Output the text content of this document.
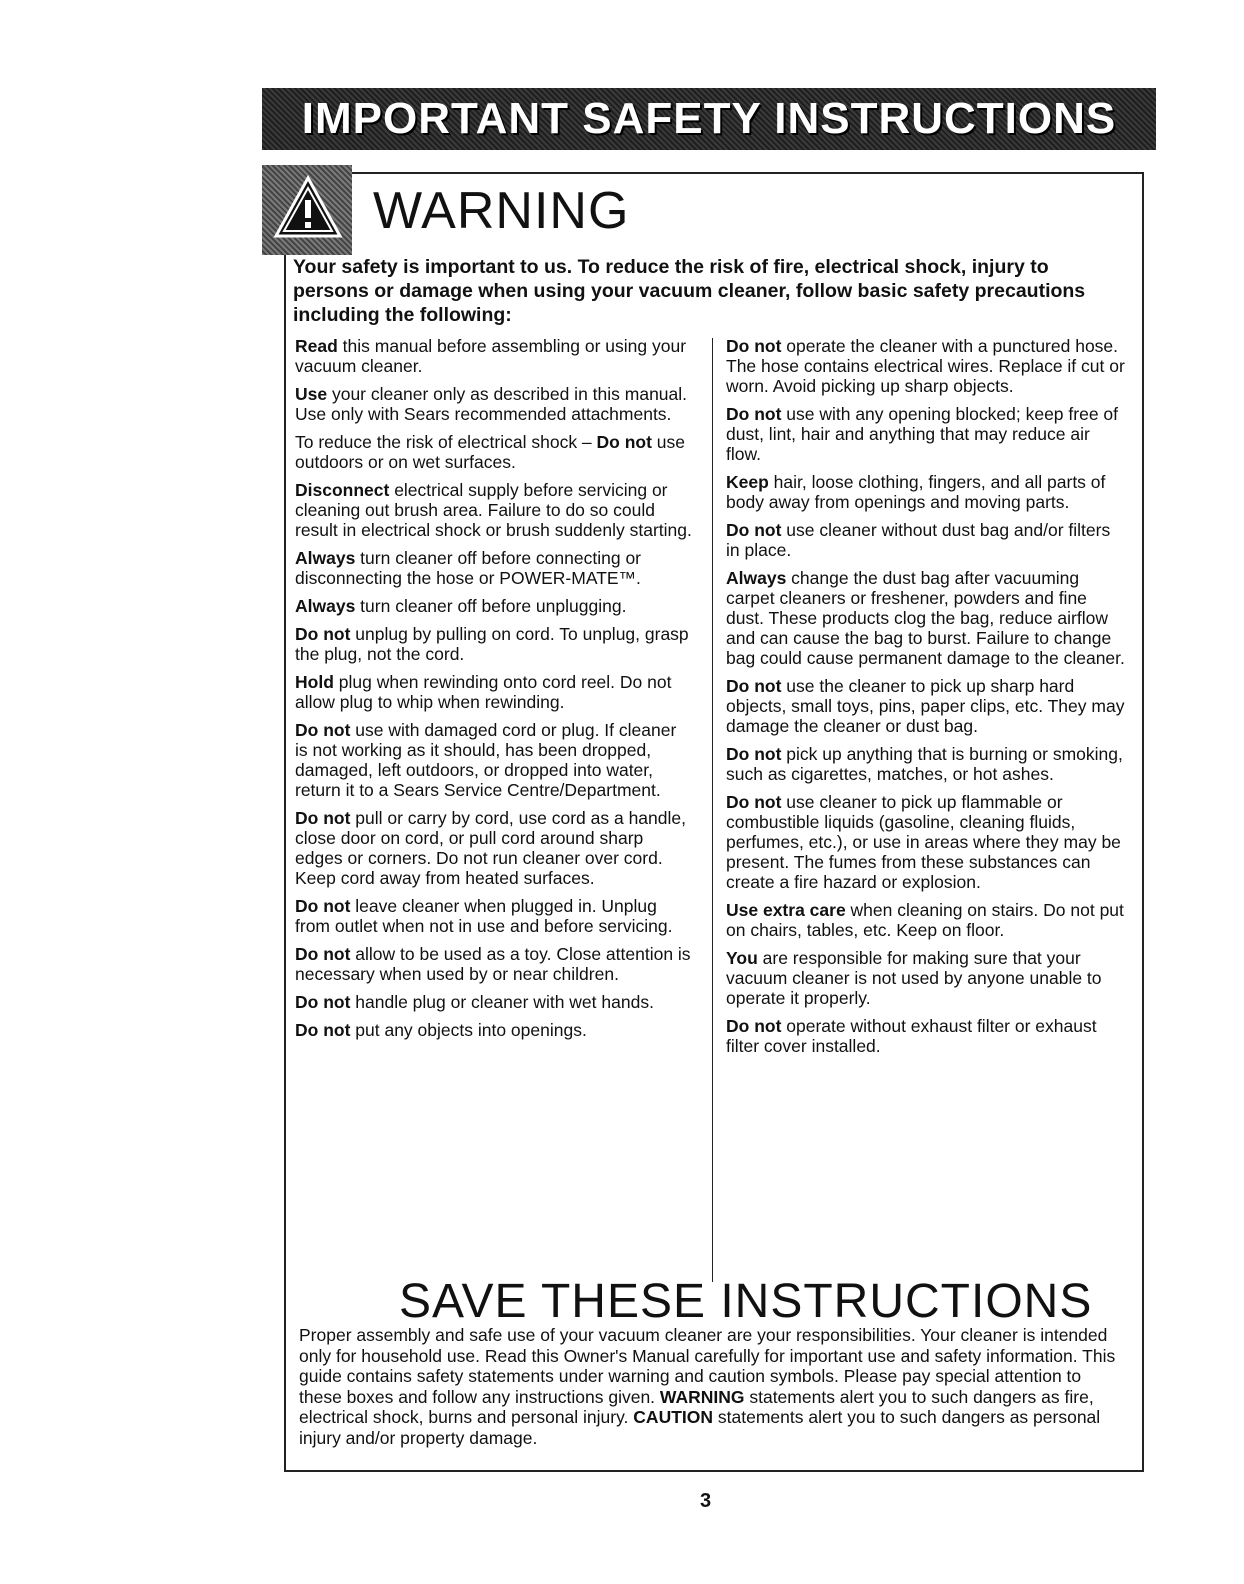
IMPORTANT SAFETY INSTRUCTIONS
WARNING
Your safety is important to us. To reduce the risk of fire, electrical shock, injury to persons or damage when using your vacuum cleaner, follow basic safety precautions including the following:
Read this manual before assembling or using your vacuum cleaner.
Use your cleaner only as described in this manual. Use only with Sears recommended attachments.
To reduce the risk of electrical shock – Do not use outdoors or on wet surfaces.
Disconnect electrical supply before servicing or cleaning out brush area. Failure to do so could result in electrical shock or brush suddenly starting.
Always turn cleaner off before connecting or disconnecting the hose or POWER-MATE™.
Always turn cleaner off before unplugging.
Do not unplug by pulling on cord. To unplug, grasp the plug, not the cord.
Hold plug when rewinding onto cord reel. Do not allow plug to whip when rewinding.
Do not use with damaged cord or plug. If cleaner is not working as it should, has been dropped, damaged, left outdoors, or dropped into water, return it to a Sears Service Centre/Department.
Do not pull or carry by cord, use cord as a handle, close door on cord, or pull cord around sharp edges or corners. Do not run cleaner over cord. Keep cord away from heated surfaces.
Do not leave cleaner when plugged in. Unplug from outlet when not in use and before servicing.
Do not allow to be used as a toy. Close attention is necessary when used by or near children.
Do not handle plug or cleaner with wet hands.
Do not put any objects into openings.
Do not operate the cleaner with a punctured hose. The hose contains electrical wires. Replace if cut or worn. Avoid picking up sharp objects.
Do not use with any opening blocked; keep free of dust, lint, hair and anything that may reduce air flow.
Keep hair, loose clothing, fingers, and all parts of body away from openings and moving parts.
Do not use cleaner without dust bag and/or filters in place.
Always change the dust bag after vacuuming carpet cleaners or freshener, powders and fine dust. These products clog the bag, reduce airflow and can cause the bag to burst. Failure to change bag could cause permanent damage to the cleaner.
Do not use the cleaner to pick up sharp hard objects, small toys, pins, paper clips, etc. They may damage the cleaner or dust bag.
Do not pick up anything that is burning or smoking, such as cigarettes, matches, or hot ashes.
Do not use cleaner to pick up flammable or combustible liquids (gasoline, cleaning fluids, perfumes, etc.), or use in areas where they may be present. The fumes from these substances can create a fire hazard or explosion.
Use extra care when cleaning on stairs. Do not put on chairs, tables, etc. Keep on floor.
You are responsible for making sure that your vacuum cleaner is not used by anyone unable to operate it properly.
Do not operate without exhaust filter or exhaust filter cover installed.
SAVE THESE INSTRUCTIONS
Proper assembly and safe use of your vacuum cleaner are your responsibilities. Your cleaner is intended only for household use. Read this Owner's Manual carefully for important use and safety information. This guide contains safety statements under warning and caution symbols. Please pay special attention to these boxes and follow any instructions given. WARNING statements alert you to such dangers as fire, electrical shock, burns and personal injury. CAUTION statements alert you to such dangers as personal injury and/or property damage.
3
